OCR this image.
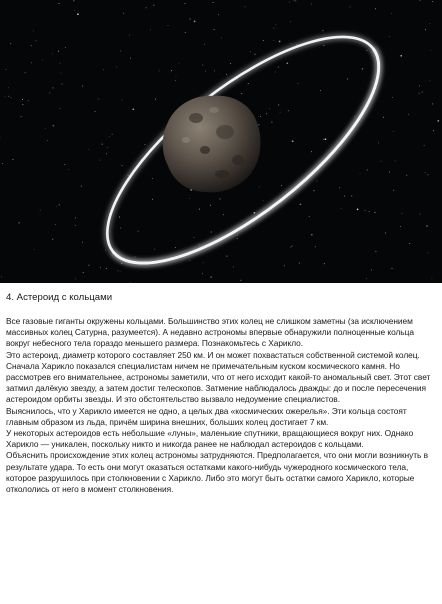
4. Астероид с кольцами

Все газовые гиганты окружены кольцами. Большинство этих колец не слишком заметны (за исключением массивных колец Сатурна, разумеется). А недавно астрономы впервые обнаружили полноценные кольца вокруг небесного тела гораздо меньшего размера. Познакомьтесь с Харикло.

Это астероид, диаметр которого составляет 250 км. И он может похвастаться собственной системой колец.

Сначала Харикло показался специалистам ничем не примечательным куском космического камня. Но рассмотрев его внимательнее, астрономы заметили, что от него исходит какой-то аномальный свет. Этот свет затмил далёкую звезду, а затем достиг телескопов. Затмение наблюдалось дважды: до и после пересечения астероидом орбиты звезды. И это обстоятельство вызвало недоумение специалистов.

Выяснилось, что у Харикло имеется не одно, а целых два «космических ожерелья». Эти кольца состоят главным образом из льда, причём ширина внешних, больших колец достигает 7 км.

У некоторых астероидов есть небольшие «луны», маленькие спутники, вращающиеся вокруг них. Однако Харикло — уникален, поскольку никто и никогда ранее не наблюдал астероидов с кольцами.

Объяснить происхождение этих колец астрономы затрудняются. Предполагается, что они могли возникнуть в результате удара. То есть они могут оказаться остатками какого-нибудь чужеродного космического тела, которое разрушилось при столкновении с Харикло. Либо это могут быть остатки самого Харикло, которые откололись от него в момент столкновения.
